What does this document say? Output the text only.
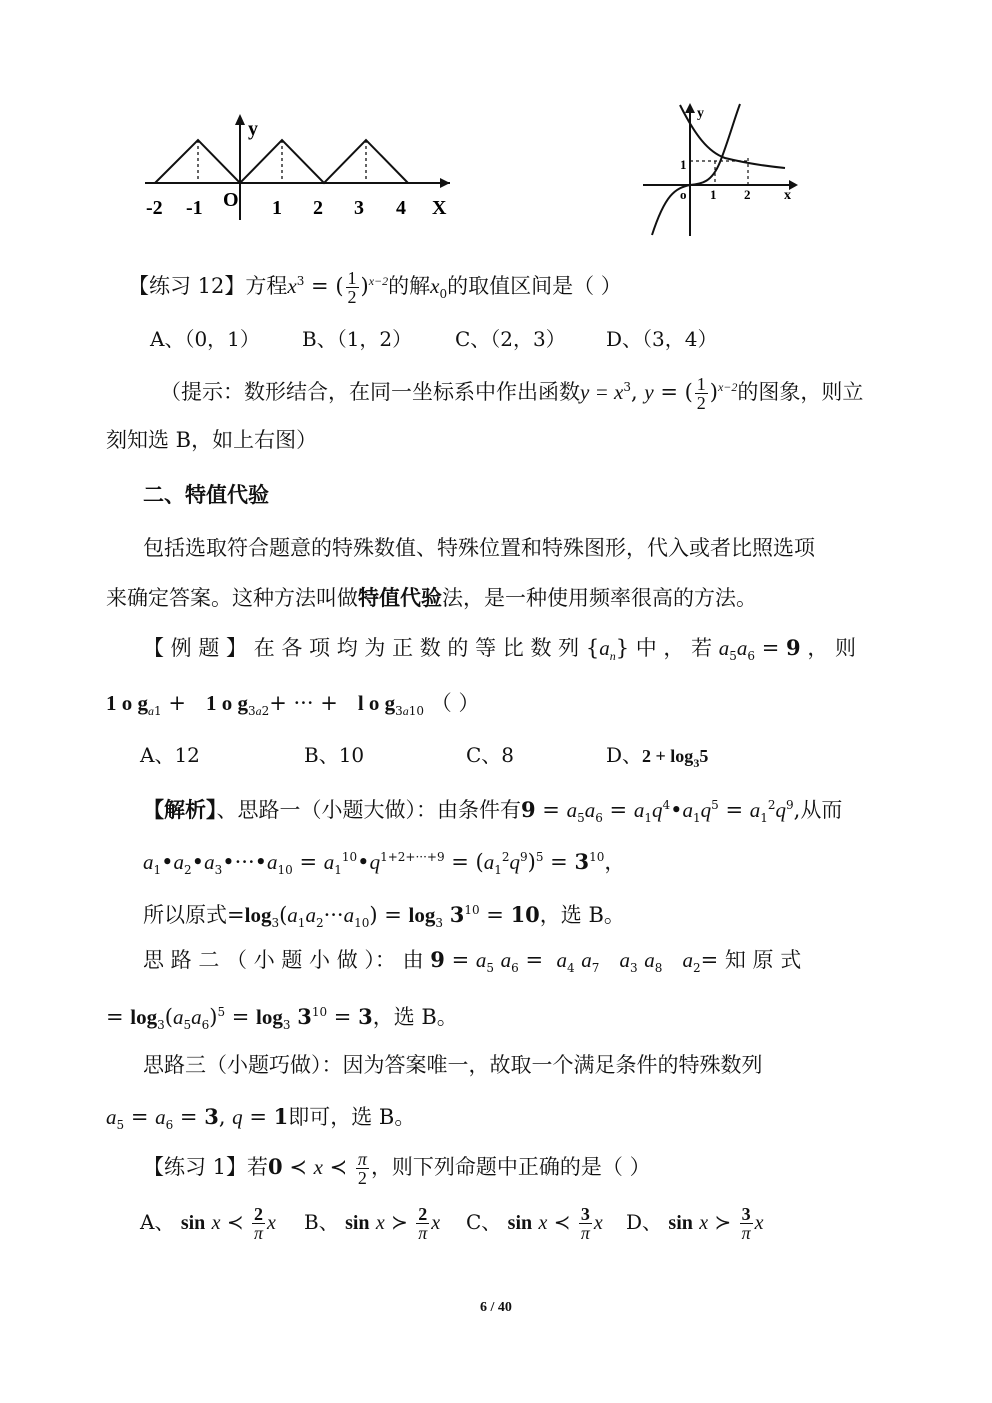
y
-2 -1 O 1 2 3 4 X
y
1
o 1 2 x
【练习 12】方程$x^3$ = ( $\frac{1}{2} )^{x-2}$的解$x_0$的取值区间是（ ）
A、（0，1） B、（1，2） C、（2，3） D、（3，4）
（提示：数形结合，在同一坐标系中作出函数$y = x^3$, y = ( $\frac{1}{2} )^{x-2}$的图象，则立
刻知选 B，如上右图）
二、特值代验
包括选取符合题意的特殊数值、特殊位置和特殊图形，代入或者比照选项
来确定答案。这种方法叫做特值代验法，是一种使用频率很高的方法。
【 例 题 】 在 各 项 均 为 正 数 的 等 比 数 列 $\{a_n\}$ 中 ， 若 $a_5a_6 = 9$ ， 则
1 o $g_{a1} + 1$ o $g_{3a2}+$ ··· +   l o $g_{3a10}$ （ ）
A、12	B、10	C、8	D、$2 + \log_35$
【解析】、思路一（小题大做）：由条件有$9 = a_5a_6$ = $a_1q^4•a_1q^5 = a_1^2q^9$,从而
$a_1•a_2•a_3•\cdot\cdot\cdot•a_{10}$ = $a_1^{10}•q^{1+2+\cdot\cdot\cdot+9} = (a_1^2q^9)^5 = 3^{10}$，
所以原式$=\log_3(a_1a_2\cdot\cdot\cdot a_{10}) = \log_3 3^{10} = 10$，选 B。
思 路 二 （ 小 题 小 做 ）： 由 $9 = a_5$ $a_6 = a_4$ $a_7$ $a_3$ $a_8$ $a_2=$ 知 原 式
= $\log_3(a_5a_6)^5 = \log_3 3^{10} = 3$，选 B。
思路三（小题巧做）：因为答案唯一，故取一个满足条件的特殊数列
$a_5 = a_6 = 3$, q = 1即可，选 B。
【练习 1】若0 ≺ x ≺ $\frac{\pi}{2}$ ，则下列命题中正确的是（ ）
A、 sin x ≺ $\frac{2}{\pi}$ x B、 sin x ≻ $\frac{2}{\pi}$ x C、 sin x ≺ $\frac{3}{\pi}$ x D、 sin x ≻ $\frac{3}{\pi}$ x
6 / 40
